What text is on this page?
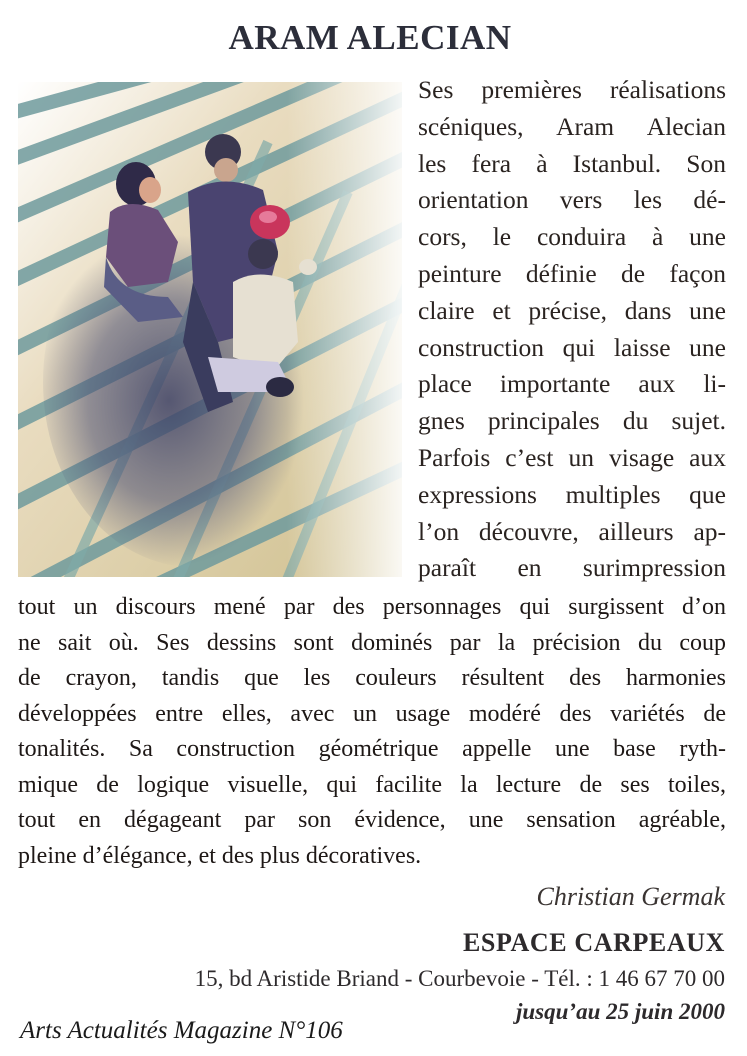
ARAM ALECIAN
Ses premières réalisations
scéniques, Aram Alecian
les fera à Istanbul. Son
orientation vers les dé-
cors, le conduira à une
peinture définie de façon
claire et précise, dans une
construction qui laisse une
place importante aux li-
gnes principales du sujet.
Parfois c’est un visage aux
expressions multiples que
l’on découvre, ailleurs ap-
paraît en surimpression
tout un discours mené par des personnages qui surgissent d’on
ne sait où. Ses dessins sont dominés par la précision du coup
de crayon, tandis que les couleurs résultent des harmonies
développées entre elles, avec un usage modéré des variétés de
tonalités. Sa construction géométrique appelle une base ryth-
mique de logique visuelle, qui facilite la lecture de ses toiles,
tout en dégageant par son évidence, une sensation agréable,
pleine d’élégance, et des plus décoratives.
Christian Germak
ESPACE CARPEAUX
15, bd Aristide Briand - Courbevoie - Tél. : 1 46 67 70 00
jusqu’au 25 juin 2000
Arts Actualités Magazine N°106
